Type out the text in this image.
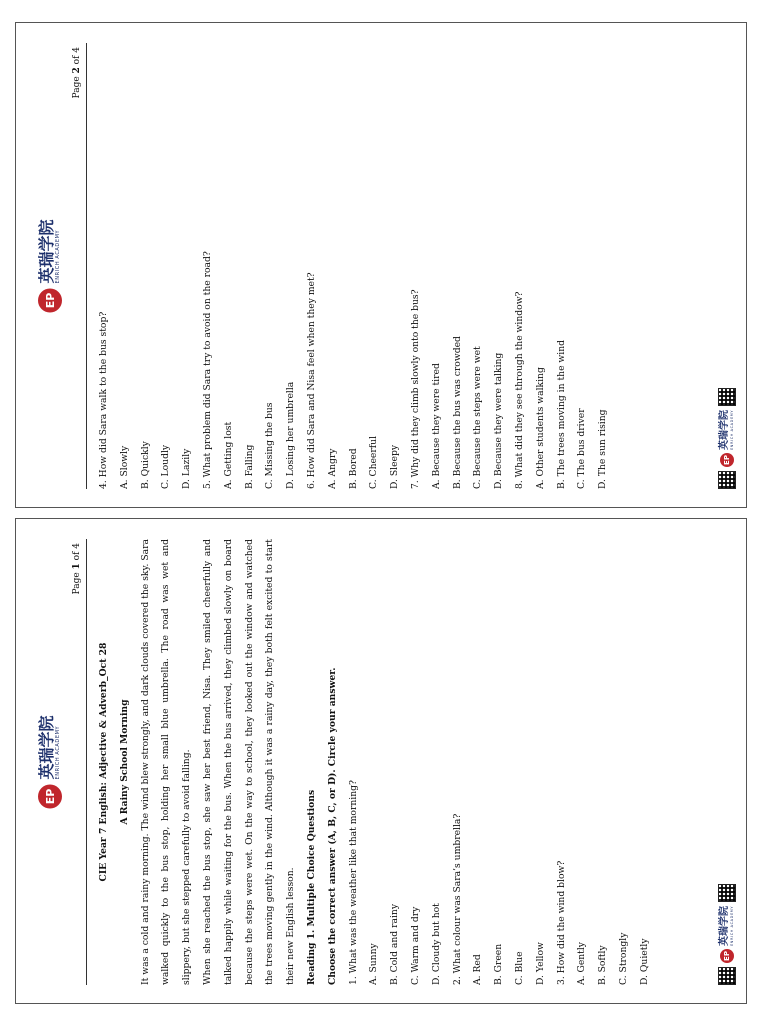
EP
英瑞学院 ENRICH ACADEMY
Page 2 of 4

4. How did Sara walk to the bus stop?	A. Slowly	B. Quickly	C. Loudly	D. Lazily	5. What problem did Sara try to avoid on the road?	A. Getting lost	B. Falling	C. Missing the bus	D. Losing her umbrella	6. How did Sara and Nisa feel when they met?	A. Angry	B. Bored	C. Cheerful	D. Sleepy	7. Why did they climb slowly onto the bus?	A. Because they were tired	B. Because the bus was crowded	C. Because the steps were wet	D. Because they were talking	8. What did they see through the window?	A. Other students walking	B. The trees moving in the wind	C. The bus driver	D. The sun rising	EP
英瑞学院 ENRICH ACADEMY
EP
英瑞学院 ENRICH ACADEMY
Page 1 of 4

CIE Year 7 English: Adjective & Adverb_Oct 28	A Rainy School Morning	It was a cold and rainy morning. The wind blew strongly, and dark clouds covered the sky. Sara walked quickly to the bus stop, holding her small blue umbrella. The road was wet and slippery, but she stepped carefully to avoid falling.	When she reached the bus stop, she saw her best friend, Nisa. They smiled cheerfully and talked happily while waiting for the bus. When the bus arrived, they climbed slowly on board because the steps were wet. On the way to school, they looked out the window and watched the trees moving gently in the wind. Although it was a rainy day, they both felt excited to start their new English lesson.	Reading 1. Multiple Choice Questions	Choose the correct answer (A, B, C, or D). Circle your answer.	1. What was the weather like that morning?	A. Sunny	B. Cold and rainy	C. Warm and dry	D. Cloudy but hot	2. What colour was Sara’s umbrella?	A. Red	B. Green	C. Blue	D. Yellow	3. How did the wind blow?	A. Gently	B. Softly	C. Strongly	D. Quietly	EP
英瑞学院 ENRICH ACADEMY
